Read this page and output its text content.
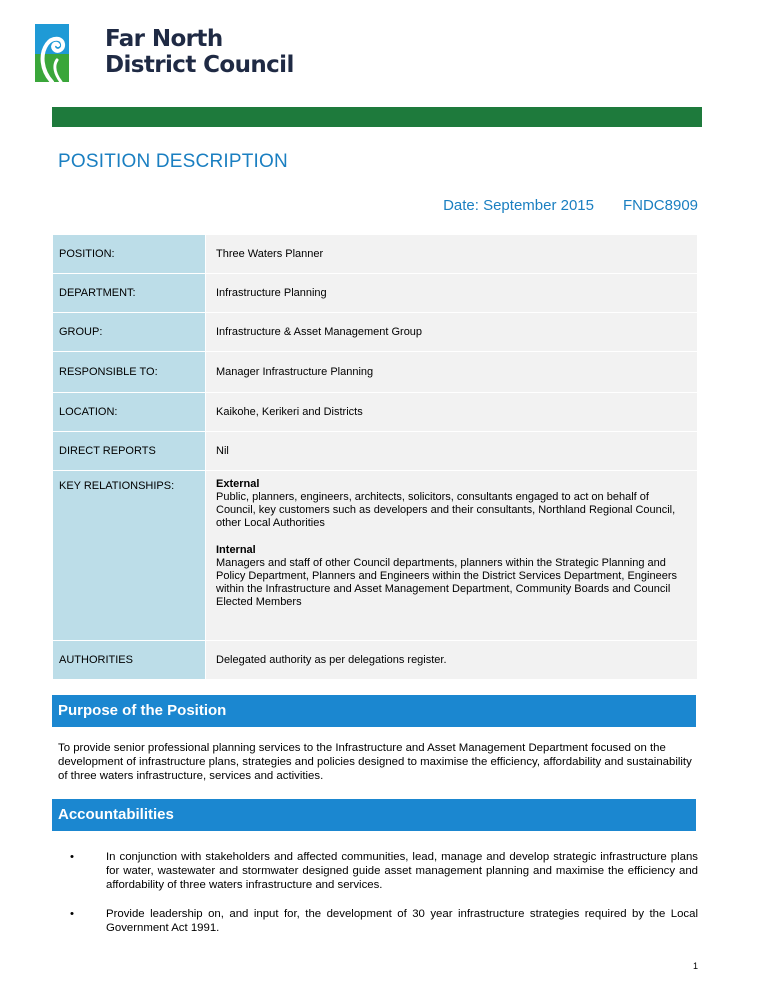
Far North
District Council
POSITION DESCRIPTION
Date: September 2015 FNDC8909
POSITION:	Three Waters Planner
DEPARTMENT:	Infrastructure Planning
GROUP:	Infrastructure & Asset Management Group
RESPONSIBLE TO:	Manager Infrastructure Planning
LOCATION:	Kaikohe, Kerikeri and Districts
DIRECT REPORTS	Nil
KEY RELATIONSHIPS:	External
Public, planners, engineers, architects, solicitors, consultants engaged to act on behalf of Council, key customers such as developers and their consultants, Northland Regional Council, other Local Authorities
Internal
Managers and staff of other Council departments, planners within the Strategic Planning and Policy Department, Planners and Engineers within the District Services Department, Engineers within the Infrastructure and Asset Management Department, Community Boards and Council Elected Members

AUTHORITIES	Delegated authority as per delegations register.
Purpose of the Position
To provide senior professional planning services to the Infrastructure and Asset Management Department focused on the development of infrastructure plans, strategies and policies designed to maximise the efficiency, affordability and sustainability of three waters infrastructure, services and activities.
Accountabilities
•	In conjunction with stakeholders and affected communities, lead, manage and develop strategic infrastructure plans for water, wastewater and stormwater designed guide asset management planning and maximise the efficiency and affordability of three waters infrastructure and services.
•	Provide leadership on, and input for, the development of 30 year infrastructure strategies required by the Local Government Act 1991.
1
